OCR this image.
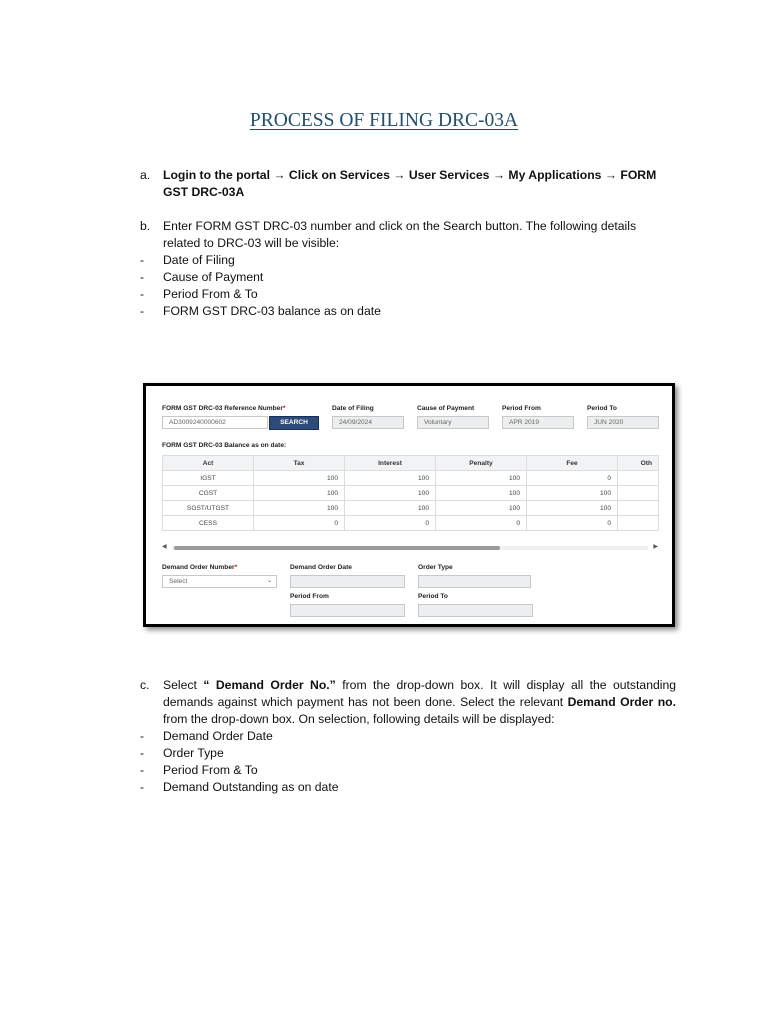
PROCESS OF FILING DRC-03A
a. Login to the portal → Click on Services → User Services → My Applications → FORM GST DRC-03A
b. Enter FORM GST DRC-03 number and click on the Search button. The following details related to DRC-03 will be visible:
- Date of Filing
- Cause of Payment
- Period From & To
- FORM GST DRC-03 balance as on date
FORM GST DRC-03 Reference Number*
AD3009240000602	SEARCH
Date of Filing
24/09/2024
Cause of Payment
Voluntary
Period From
APR 2019
Period To
JUN 2020
FORM GST DRC-03 Balance as on date:
Act	Tax	Interest	Penalty	Fee	Oth
IGST	100	100	100	0	
CGST	100	100	100	100	
SGST/UTGST	100	100	100	100	
CESS	0	0	0	0	
◀	▶
Demand Order Number*
Select	⌄
Demand Order Date	Order Type
Period From	Period To
c. Select “ Demand Order No.” from the drop-down box. It will display all the outstanding demands against which payment has not been done. Select the relevant Demand Order no. from the drop-down box. On selection, following details will be displayed:
- Demand Order Date
- Order Type
- Period From & To
- Demand Outstanding as on date
